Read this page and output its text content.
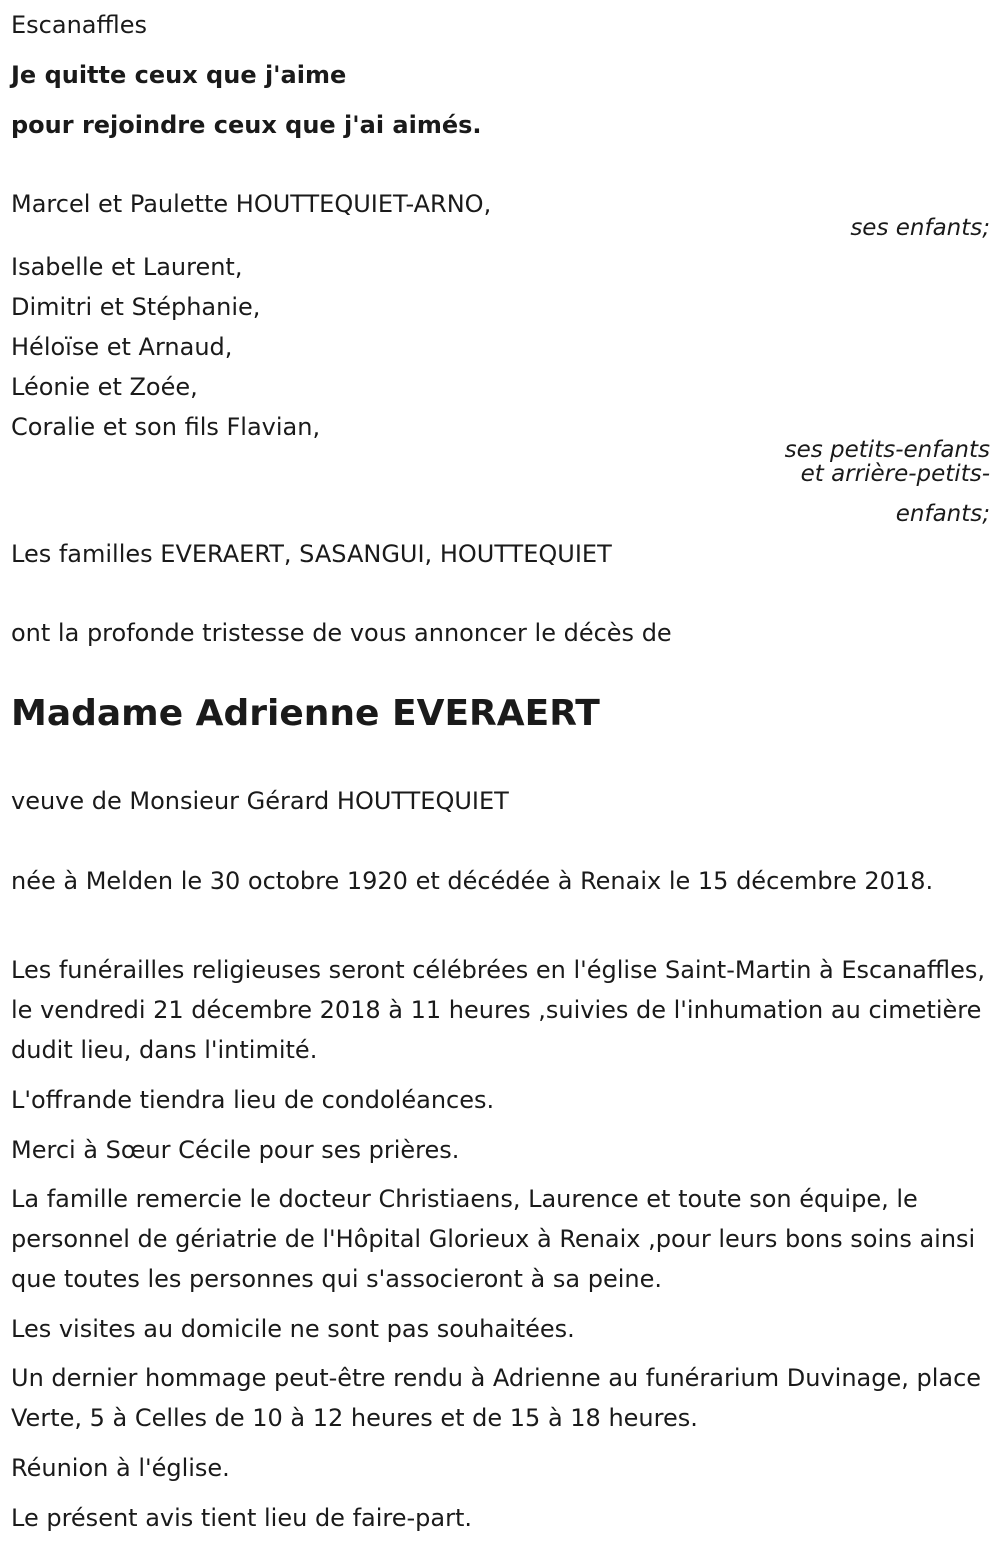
Escanaffles

Je quitte ceux que j'aime

pour rejoindre ceux que j'ai aimés.

Marcel et Paulette HOUTTEQUIET-ARNO,

ses enfants;

Isabelle et Laurent,

Dimitri et Stéphanie,

Héloïse et Arnaud,

Léonie et Zoée,

Coralie et son fils Flavian,

ses petits-enfants

et arrière-petits-

enfants;

Les familles EVERAERT, SASANGUI, HOUTTEQUIET

ont la profonde tristesse de vous annoncer le décès de

Madame Adrienne EVERAERT

veuve de Monsieur Gérard HOUTTEQUIET

née à Melden le 30 octobre 1920 et décédée à Renaix le 15 décembre 2018.

Les funérailles religieuses seront célébrées en l'église Saint-Martin à Escanaffles, le vendredi 21 décembre 2018 à 11 heures ,suivies de l'inhumation au cimetière dudit lieu, dans l'intimité.

L'offrande tiendra lieu de condoléances.

Merci à Sœur Cécile pour ses prières.

La famille remercie le docteur Christiaens, Laurence et toute son équipe, le personnel de gériatrie de l'Hôpital Glorieux à Renaix ,pour leurs bons soins ainsi que toutes les personnes qui s'associeront à sa peine.

Les visites au domicile ne sont pas souhaitées.

Un dernier hommage peut-être rendu à Adrienne au funérarium Duvinage, place Verte, 5 à Celles de 10 à 12 heures et de 15 à 18 heures.

Réunion à l'église.

Le présent avis tient lieu de faire-part.
